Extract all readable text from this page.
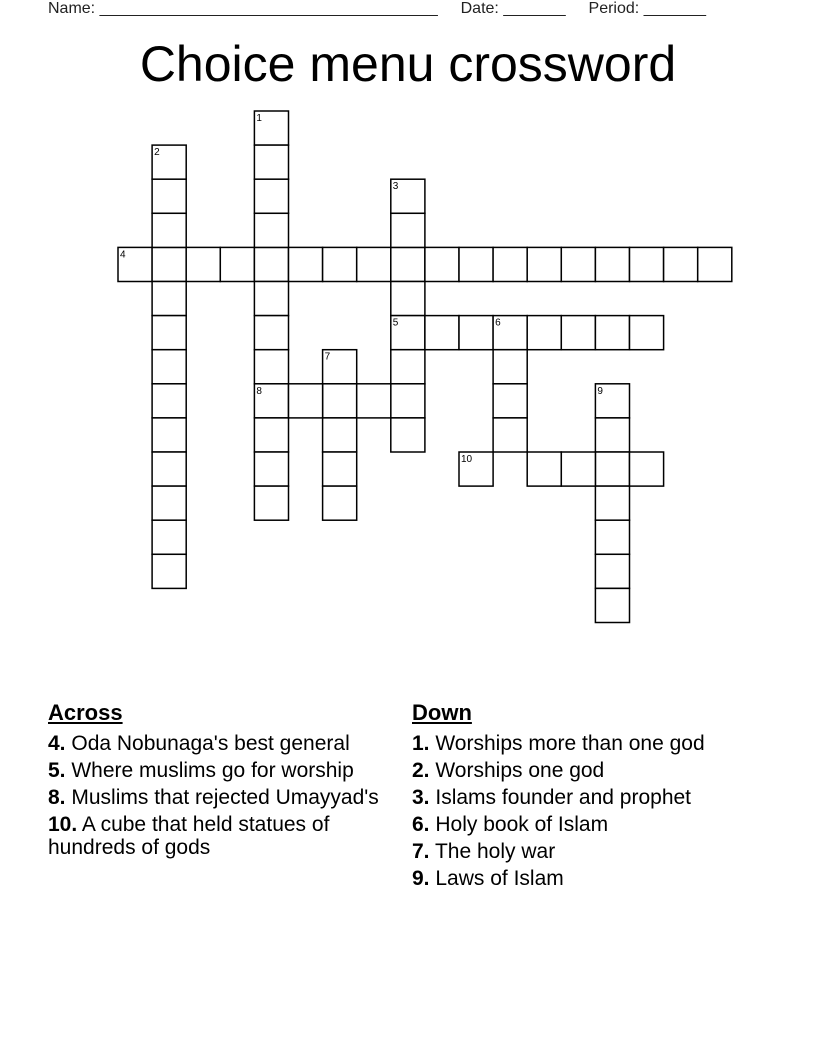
Name: ______________________________________ Date: _______ Period: _______
Choice menu crossword
1
2
3
4
5	6
7
8	9
10
Across
4. Oda Nobunaga's best general
5. Where muslims go for worship
8. Muslims that rejected Umayyad's
10. A cube that held statues of hundreds of gods
Down
1. Worships more than one god
2. Worships one god
3. Islams founder and prophet
6. Holy book of Islam
7. The holy war
9. Laws of Islam
